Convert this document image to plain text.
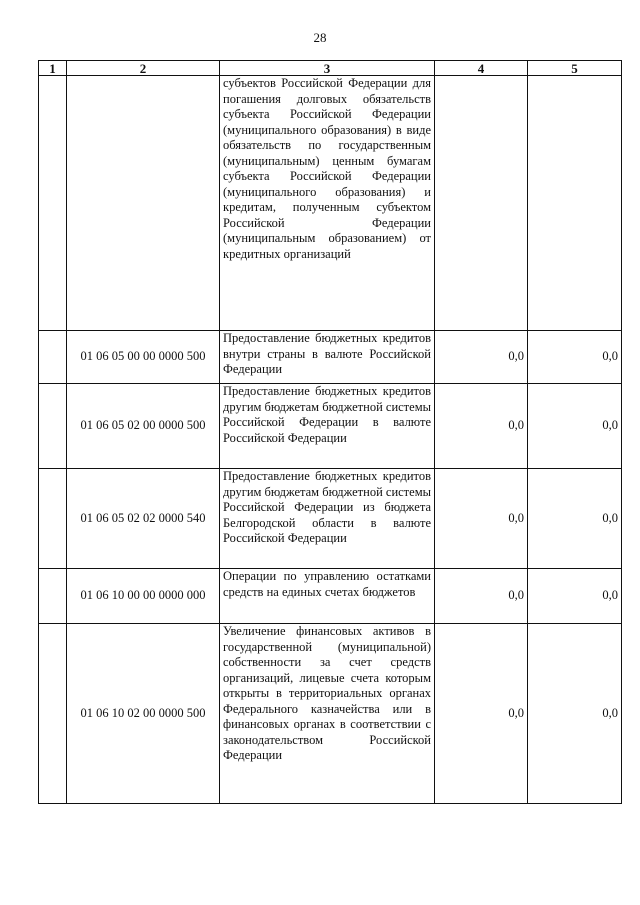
28
1	2	3	4	5
		субъектов Российской Федерации для погашения долговых обязательств субъекта Российской Федерации (муниципального образования) в виде обязательств по государственным (муниципальным) ценным бумагам субъекта Российской Федерации (муниципального образования) и кредитам, полученным субъектом Российской Федерации (муниципальным образованием) от кредитных организаций		
	01 06 05 00 00 0000 500	Предоставление бюджетных кредитов внутри страны в валюте Российской Федерации	0,0	0,0
	01 06 05 02 00 0000 500	Предоставление бюджетных кредитов другим бюджетам бюджетной системы Российской Федерации в валюте Российской Федерации	0,0	0,0
	01 06 05 02 02 0000 540	Предоставление бюджетных кредитов другим бюджетам бюджетной системы Российской Федерации из бюджета Белгородской области в валюте Российской Федерации	0,0	0,0
	01 06 10 00 00 0000 000	Операции по управлению остатками средств на единых счетах бюджетов	0,0	0,0
	01 06 10 02 00 0000 500	Увеличение финансовых активов в государственной (муниципальной) собственности за счет средств организаций, лицевые счета которым открыты в территориальных органах Федерального казначейства или в финансовых органах в соответствии с законодательством Российской Федерации	0,0	0,0
